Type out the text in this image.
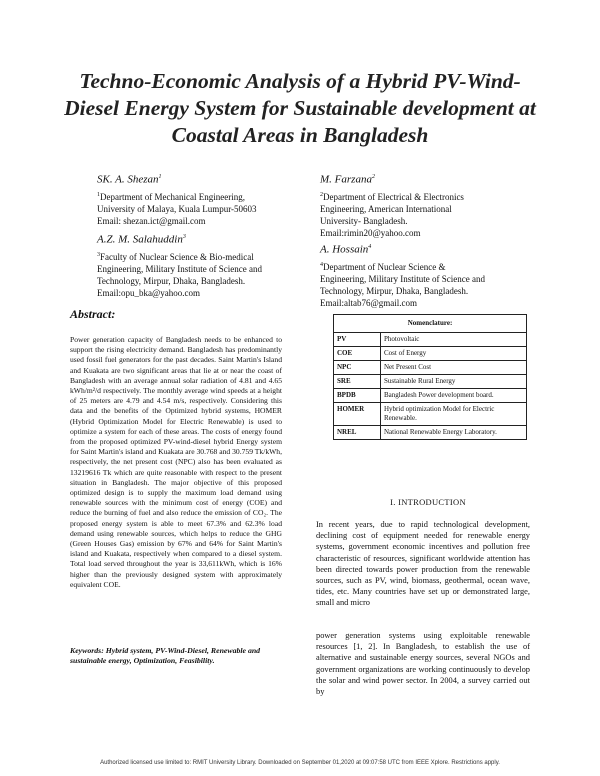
Techno-Economic Analysis of a Hybrid PV-Wind-Diesel Energy System for Sustainable development at Coastal Areas in Bangladesh
SK. A. Shezan$^1$
$^1$Department of Mechanical Engineering,
University of Malaya, Kuala Lumpur-50603
Email: shezan.ict@gmail.com
M. Farzana$^2$
$^2$Department of Electrical & Electronics
Engineering, American International
University- Bangladesh.
Email:rimin20@yahoo.com
A.Z. M. Salahuddin$^3$
$^3$Faculty of Nuclear Science & Bio-medical
Engineering, Military Institute of Science and
Technology, Mirpur, Dhaka, Bangladesh.
Email:opu_bka@yahoo.com
A. Hossain$^4$
$^4$Department of Nuclear Science &
Engineering, Military Institute of Science and
Technology, Mirpur, Dhaka, Bangladesh.
Email:altab76@gmail.com
Abstract:
Power generation capacity of Bangladesh needs to be enhanced to support the rising electricity demand. Bangladesh has predominantly used fossil fuel generators for the past decades. Saint Martin's Island and Kuakata are two significant areas that lie at or near the coast of Bangladesh with an average annual solar radiation of 4.81 and 4.65 kWh/m²/d respectively. The monthly average wind speeds at a height of 25 meters are 4.79 and 4.54 m/s, respectively. Considering this data and the benefits of the Optimized hybrid systems, HOMER (Hybrid Optimization Model for Electric Renewable) is used to optimize a system for each of these areas. The costs of energy found from the proposed optimized PV-wind-diesel hybrid Energy system for Saint Martin's island and Kuakata are 30.768 and 30.759 Tk/kWh, respectively, the net present cost (NPC) also has been evaluated as 13219616 Tk which are quite reasonable with respect to the present situation in Bangladesh. The major objective of this proposed optimized design is to supply the maximum load demand using renewable sources with the minimum cost of energy (COE) and reduce the burning of fuel and also reduce the emission of CO₂. The proposed energy system is able to meet 67.3% and 62.3% load demand using renewable sources, which helps to reduce the GHG (Green Houses Gas) emission by 67% and 64% for Saint Martin's island and Kuakata, respectively when compared to a diesel system. Total load served throughout the year is 33,611kWh, which is 16% higher than the previously designed system with approximately equivalent COE.
Keywords: Hybrid system, PV-Wind-Diesel, Renewable and sustainable energy, Optimization, Feasibility.
Nomenclature:	
PV	Photovoltaic
COE	Cost of Energy
NPC	Net Present Cost
SRE	Sustainable Rural Energy
BPDB	Bangladesh Power development board.
HOMER	Hybrid optimization Model for Electric Renewable.
NREL	National Renewable Energy Laboratory.
I. INTRODUCTION
In recent years, due to rapid technological development, declining cost of equipment needed for renewable energy systems, government economic incentives and pollution free characteristic of resources, significant worldwide attention has been directed towards power production from the renewable sources, such as PV, wind, biomass, geothermal, ocean wave, tides, etc. Many countries have set up or demonstrated large, small and micro
power generation systems using exploitable renewable resources [1, 2]. In Bangladesh, to establish the use of alternative and sustainable energy sources, several NGOs and government organizations are working continuously to develop the solar and wind power sector. In 2004, a survey carried out by
Authorized licensed use limited to: RMIT University Library. Downloaded on September 01,2020 at 09:07:58 UTC from IEEE Xplore. Restrictions apply.
